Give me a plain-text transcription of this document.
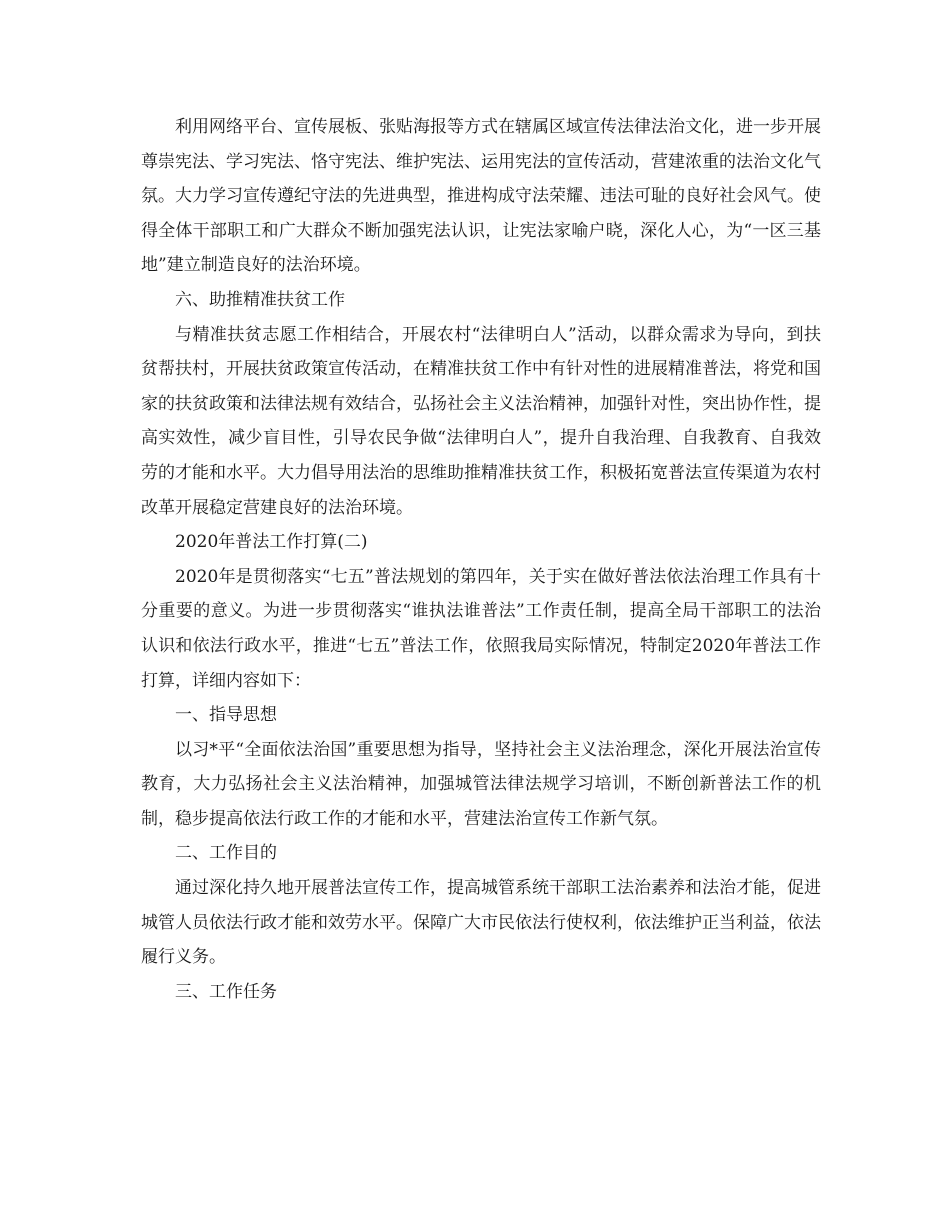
利用网络平台、宣传展板、张贴海报等方式在辖属区域宣传法律法治文化，进一步开展尊崇宪法、学习宪法、恪守宪法、维护宪法、运用宪法的宣传活动，营建浓重的法治文化气氛。大力学习宣传遵纪守法的先进典型，推进构成守法荣耀、违法可耻的良好社会风气。使得全体干部职工和广大群众不断加强宪法认识，让宪法家喻户晓，深化人心，为“一区三基地”建立制造良好的法治环境。

六、助推精准扶贫工作

与精准扶贫志愿工作相结合，开展农村“法律明白人”活动，以群众需求为导向，到扶贫帮扶村，开展扶贫政策宣传活动，在精准扶贫工作中有针对性的进展精准普法，将党和国家的扶贫政策和法律法规有效结合，弘扬社会主义法治精神，加强针对性，突出协作性，提高实效性，减少盲目性，引导农民争做“法律明白人”，提升自我治理、自我教育、自我效劳的才能和水平。大力倡导用法治的思维助推精准扶贫工作，积极拓宽普法宣传渠道为农村改革开展稳定营建良好的法治环境。

2020年普法工作打算(二)

2020年是贯彻落实“七五”普法规划的第四年，关于实在做好普法依法治理工作具有十分重要的意义。为进一步贯彻落实“谁执法谁普法”工作责任制，提高全局干部职工的法治认识和依法行政水平，推进“七五”普法工作，依照我局实际情况，特制定2020年普法工作打算，详细内容如下：

一、指导思想

以习*平“全面依法治国”重要思想为指导，坚持社会主义法治理念，深化开展法治宣传教育，大力弘扬社会主义法治精神，加强城管法律法规学习培训，不断创新普法工作的机制，稳步提高依法行政工作的才能和水平，营建法治宣传工作新气氛。

二、工作目的

通过深化持久地开展普法宣传工作，提高城管系统干部职工法治素养和法治才能，促进城管人员依法行政才能和效劳水平。保障广大市民依法行使权利，依法维护正当利益，依法履行义务。

三、工作任务
